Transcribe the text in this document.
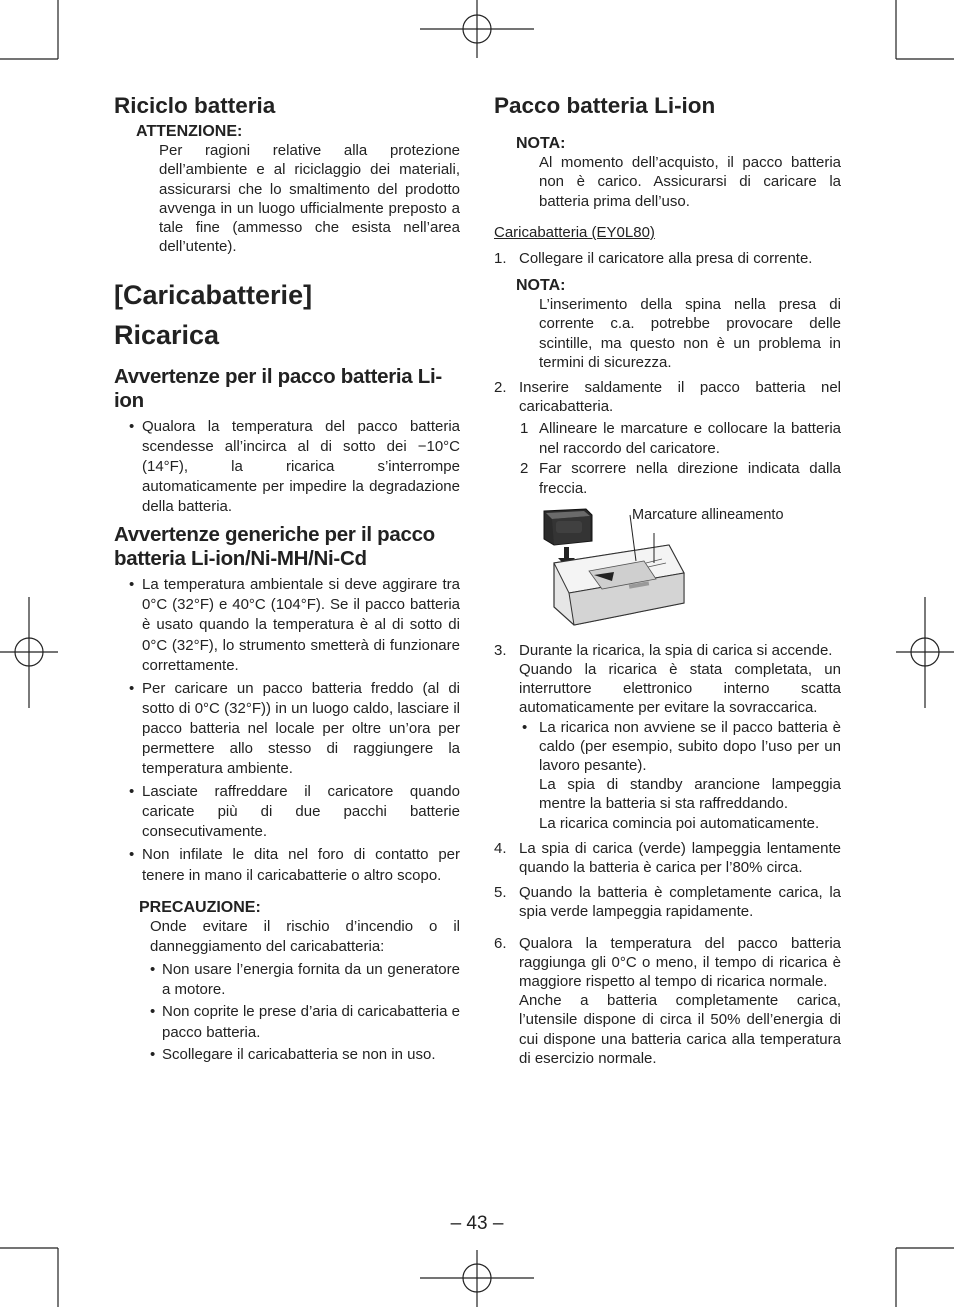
Riciclo batteria

ATTENZIONE:

Per ragioni relative alla protezione dell’ambiente e al riciclaggio dei materiali, assicurarsi che lo smaltimento del prodotto avvenga in un luogo ufficialmente preposto a tale fine (ammesso che esista nell’area dell’utente).

[Caricabatterie]
Ricarica
Avvertenze per il pacco batteria Li-ion
• Qualora la temperatura del pacco batteria scendesse all’incirca al di sotto dei −10°C (14°F), la ricarica s’interrompe automaticamente per impedire la degradazione della batteria.
Avvertenze generiche per il pacco batteria Li-ion/Ni-MH/Ni-Cd
• La temperatura ambientale si deve aggirare tra 0°C (32°F) e 40°C (104°F). Se il pacco batteria è usato quando la temperatura è al di sotto di 0°C (32°F), lo strumento smetterà di funzionare correttamente.
• Per caricare un pacco batteria freddo (al di sotto di 0°C (32°F)) in un luogo caldo, lasciare il pacco batteria nel locale per oltre un’ora per permettere allo stesso di raggiungere la temperatura ambiente.
• Lasciate raffreddare il caricatore quando caricate più di due pacchi batterie consecutivamente.
• Non infilate le dita nel foro di contatto per tenere in mano il caricabatterie o altro scopo.

PRECAUZIONE:

Onde evitare il rischio d’incendio o il danneggiamento del caricabatteria:

• Non usare l’energia fornita da un generatore a motore.
• Non coprite le prese d’aria di caricabatteria e pacco batteria.
• Scollegare il caricabatteria se non in uso.
Pacco batteria Li-ion

NOTA:

Al momento dell’acquisto, il pacco batteria non è carico. Assicurarsi di caricare la batteria prima dell’uso.

Caricabatteria (EY0L80)

1. Collegare il caricatore alla presa di corrente.

NOTA:

L’inserimento della spina nella presa di corrente c.a. potrebbe provocare delle scintille, ma questo non è un problema in termini di sicurezza.

2. Inserire saldamente il pacco batteria nel caricabatteria.
1 Allineare le marcature e collocare la batteria nel raccordo del caricatore.
2 Far scorrere nella direzione indicata dalla freccia.
Marcature allineamento
3. Durante la ricarica, la spia di carica si accende.
Quando la ricarica è stata completata, un interruttore elettronico interno scatta automaticamente per evitare la sovraccarica.
• La ricarica non avviene se il pacco batteria è caldo (per esempio, subito dopo l’uso per un lavoro pesante).
La spia di standby arancione lampeggia mentre la batteria si sta raffreddando.
La ricarica comincia poi automaticamente.
4. La spia di carica (verde) lampeggia lentamente quando la batteria è carica per l’80% circa.
5. Quando la batteria è completamente carica, la spia verde lampeggia rapidamente.
6. Qualora la temperatura del pacco batteria raggiunga gli 0°C o meno, il tempo di ricarica è maggiore rispetto al tempo di ricarica normale.
Anche a batteria completamente carica, l’utensile dispone di circa il 50% dell’energia di cui dispone una batteria carica alla temperatura di esercizio normale.
– 43 –
